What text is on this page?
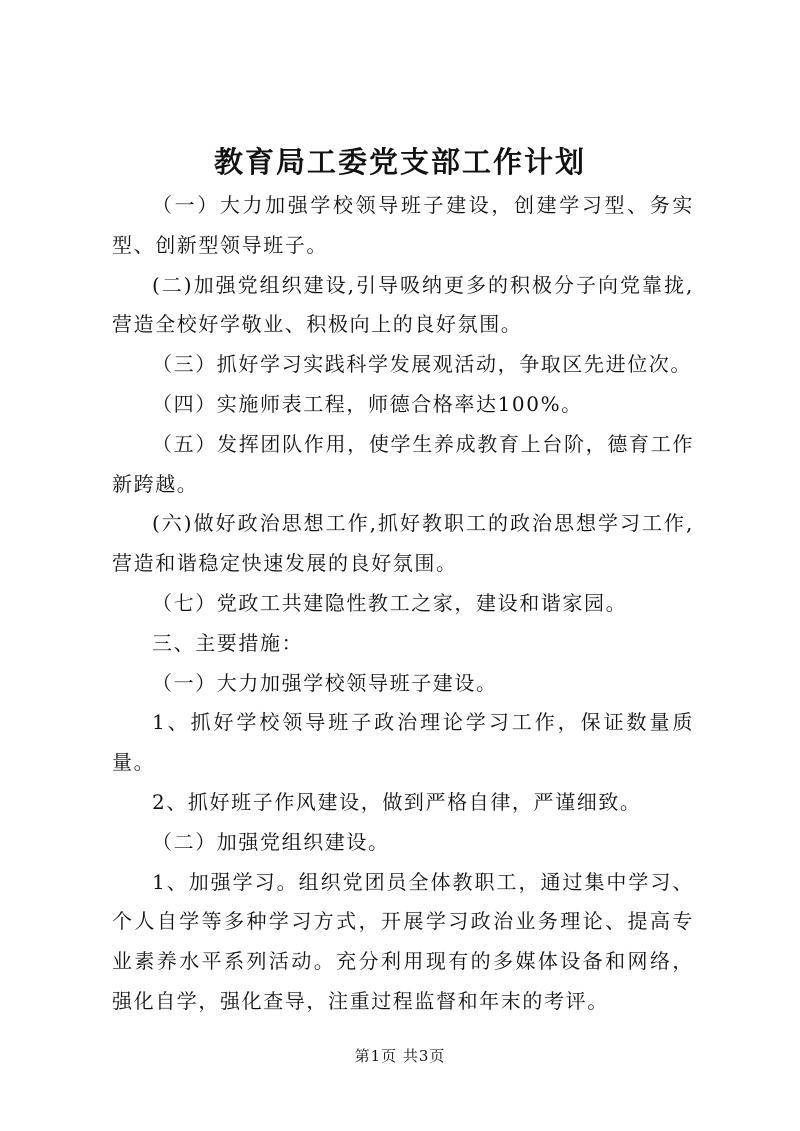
教育局工委党支部工作计划

（一）大力加强学校领导班子建设，创建学习型、务实型、创新型领导班子。

(二)加强党组织建设,引导吸纳更多的积极分子向党靠拢,营造全校好学敬业、积极向上的良好氛围。

（三）抓好学习实践科学发展观活动，争取区先进位次。

（四）实施师表工程，师德合格率达100%。

（五）发挥团队作用，使学生养成教育上台阶，德育工作新跨越。

(六)做好政治思想工作,抓好教职工的政治思想学习工作,营造和谐稳定快速发展的良好氛围。

（七）党政工共建隐性教工之家，建设和谐家园。

三、主要措施：

（一）大力加强学校领导班子建设。

1、抓好学校领导班子政治理论学习工作，保证数量质量。

2、抓好班子作风建设，做到严格自律，严谨细致。

（二）加强党组织建设。

1、加强学习。组织党团员全体教职工，通过集中学习、个人自学等多种学习方式，开展学习政治业务理论、提高专业素养水平系列活动。充分利用现有的多媒体设备和网络，强化自学，强化查导，注重过程监督和年末的考评。

第1页 共3页
